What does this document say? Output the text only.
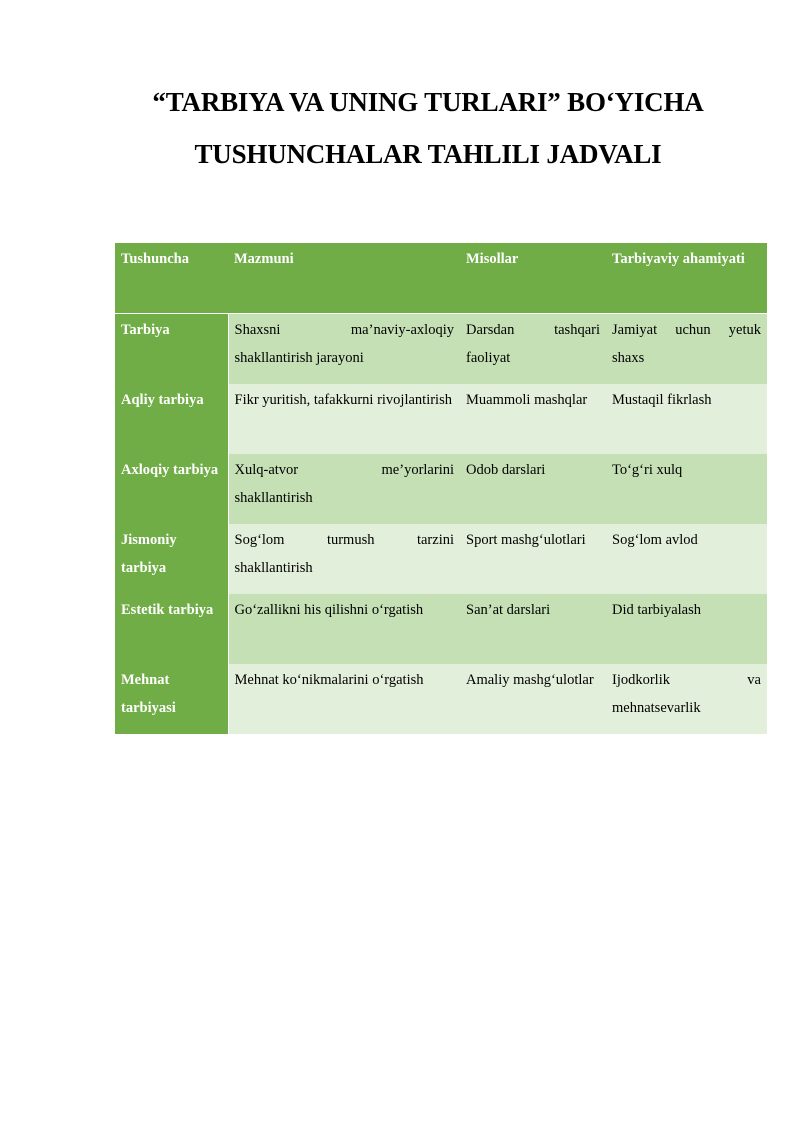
“TARBIYA VA UNING TURLARI” BO‘YICHA
TUSHUNCHALAR TAHLILI JADVALI
Tushuncha	Mazmuni	Misollar	Tarbiyaviy ahamiyati
Tarbiya	Shaxsni ma’naviy-axloqiy shakllantirish jarayoni	Darsdan tashqari faoliyat	Jamiyat uchun yetuk shaxs
Aqliy tarbiya	Fikr yuritish, tafakkurni rivojlantirish	Muammoli mashqlar	Mustaqil fikrlash
Axloqiy tarbiya	Xulq-atvor me’yorlarini shakllantirish	Odob darslari	To‘g‘ri xulq
Jismoniy tarbiya	Sog‘lom turmush tarzini shakllantirish	Sport mashg‘ulotlari	Sog‘lom avlod
Estetik tarbiya	Go‘zallikni his qilishni o‘rgatish	San’at darslari	Did tarbiyalash
Mehnat tarbiyasi	Mehnat ko‘nikmalarini o‘rgatish	Amaliy mashg‘ulotlar	Ijodkorlik va mehnatsevarlik
